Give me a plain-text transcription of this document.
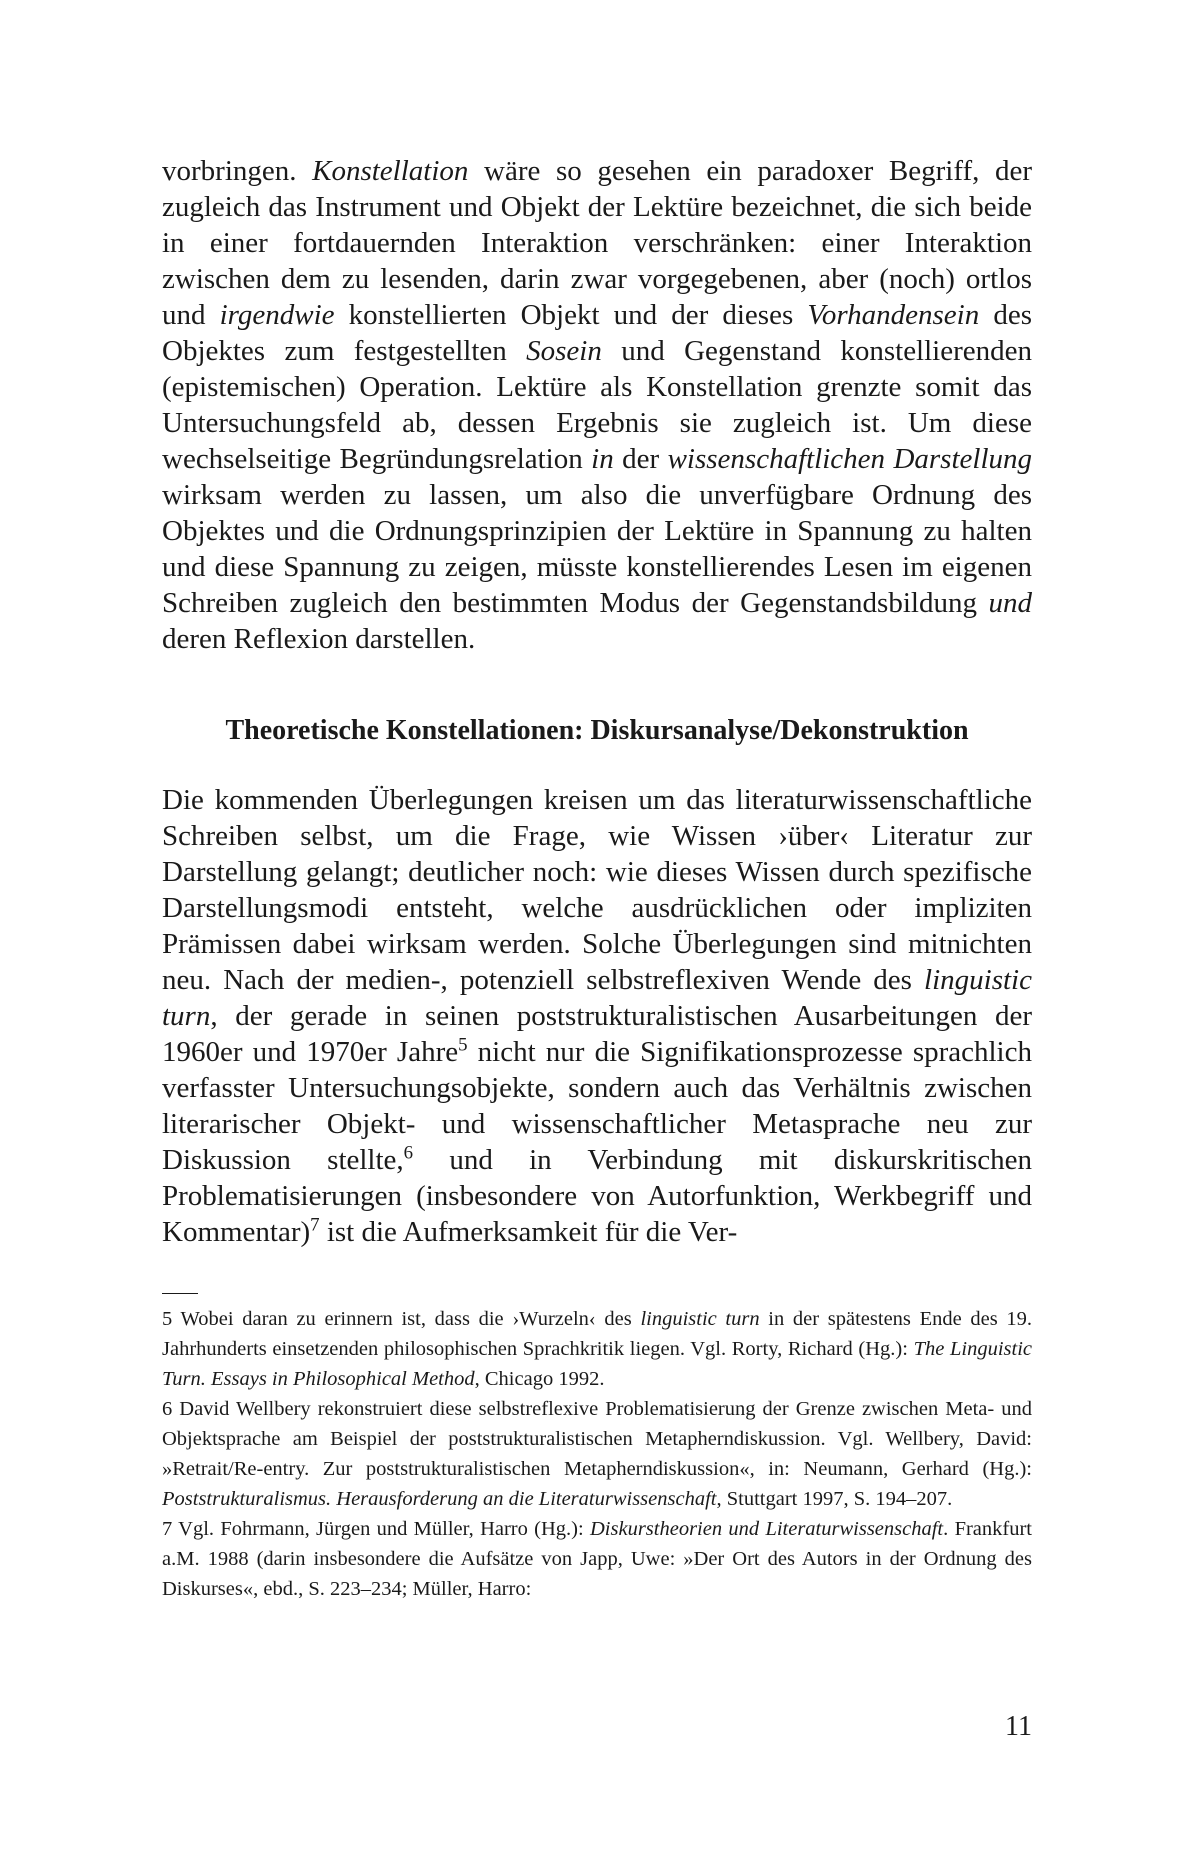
vorbringen. Konstellation wäre so gesehen ein paradoxer Begriff, der zugleich das Instrument und Objekt der Lektüre bezeichnet, die sich beide in einer fortdauernden Interaktion verschränken: einer Interaktion zwischen dem zu lesenden, darin zwar vorgegebenen, aber (noch) ortlos und irgendwie konstellierten Objekt und der dieses Vorhandensein des Objektes zum festgestellten Sosein und Gegenstand konstellierenden (epistemischen) Operation. Lektüre als Konstellation grenzte somit das Untersuchungsfeld ab, dessen Ergebnis sie zugleich ist. Um diese wechselseitige Begründungsrelation in der wissenschaftlichen Darstellung wirksam werden zu lassen, um also die unverfügbare Ordnung des Objektes und die Ordnungsprinzipien der Lektüre in Spannung zu halten und diese Spannung zu zeigen, müsste konstellierendes Lesen im eigenen Schreiben zugleich den bestimmten Modus der Gegenstandsbildung und deren Reflexion darstellen.

Theoretische Konstellationen: Diskursanalyse/Dekonstruktion

Die kommenden Überlegungen kreisen um das literaturwissenschaftliche Schreiben selbst, um die Frage, wie Wissen ›über‹ Literatur zur Darstellung gelangt; deutlicher noch: wie dieses Wissen durch spezifische Darstellungsmodi entsteht, welche ausdrücklichen oder impliziten Prämissen dabei wirksam werden. Solche Überlegungen sind mitnichten neu. Nach der medien-, potenziell selbstreflexiven Wende des linguistic turn, der gerade in seinen poststrukturalistischen Ausarbeitungen der 1960er und 1970er Jahre$^5$ nicht nur die Signifikationsprozesse sprachlich verfasster Untersuchungsobjekte, sondern auch das Verhältnis zwischen literarischer Objekt- und wissenschaftlicher Metasprache neu zur Diskussion stellte,$^6$ und in Verbindung mit diskurskritischen Problematisierungen (insbesondere von Autorfunktion, Werkbegriff und Kommentar)$^7$ ist die Aufmerksamkeit für die Ver-

5 Wobei daran zu erinnern ist, dass die ›Wurzeln‹ des linguistic turn in der spätestens Ende des 19. Jahrhunderts einsetzenden philosophischen Sprachkritik liegen. Vgl. Rorty, Richard (Hg.): The Linguistic Turn. Essays in Philosophical Method, Chicago 1992.

6 David Wellbery rekonstruiert diese selbstreflexive Problematisierung der Grenze zwischen Meta- und Objektsprache am Beispiel der poststrukturalistischen Metapherndiskussion. Vgl. Wellbery, David: »Retrait/Re-entry. Zur poststrukturalistischen Metapherndiskussion«, in: Neumann, Gerhard (Hg.): Poststrukturalismus. Herausforderung an die Literaturwissenschaft, Stuttgart 1997, S. 194–207.

7 Vgl. Fohrmann, Jürgen und Müller, Harro (Hg.): Diskurstheorien und Literaturwissenschaft. Frankfurt a.M. 1988 (darin insbesondere die Aufsätze von Japp, Uwe: »Der Ort des Autors in der Ordnung des Diskurses«, ebd., S. 223–234; Müller, Harro:

11
